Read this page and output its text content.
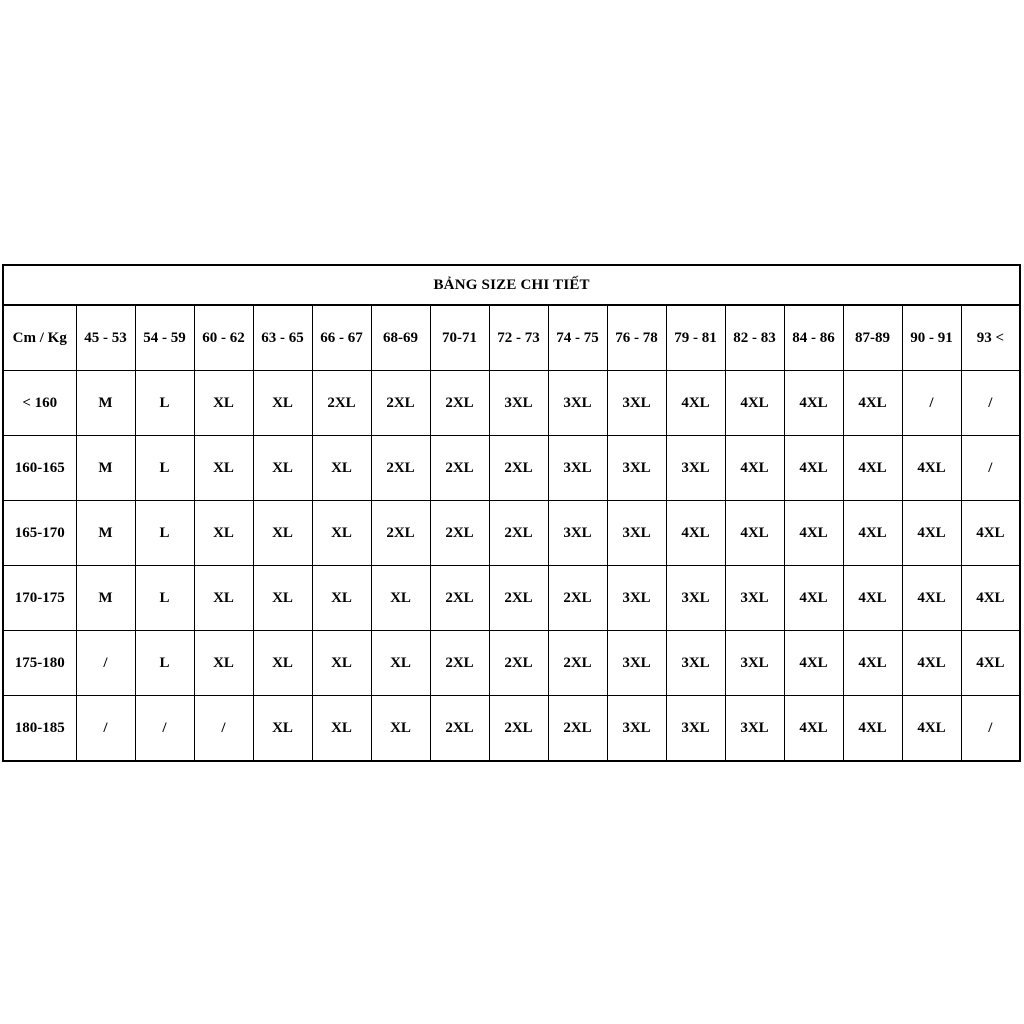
BẢNG SIZE CHI TIẾT																
Cm / Kg	45 - 53	54 - 59	60 - 62	63 - 65	66 - 67	68-69	70-71	72 - 73	74 - 75	76 - 78	79 - 81	82 - 83	84 - 86	87-89	90 - 91	93 <
< 160	M	L	XL	XL	2XL	2XL	2XL	3XL	3XL	3XL	4XL	4XL	4XL	4XL	/	/
160-165	M	L	XL	XL	XL	2XL	2XL	2XL	3XL	3XL	3XL	4XL	4XL	4XL	4XL	/
165-170	M	L	XL	XL	XL	2XL	2XL	2XL	3XL	3XL	4XL	4XL	4XL	4XL	4XL	4XL
170-175	M	L	XL	XL	XL	XL	2XL	2XL	2XL	3XL	3XL	3XL	4XL	4XL	4XL	4XL
175-180	/	L	XL	XL	XL	XL	2XL	2XL	2XL	3XL	3XL	3XL	4XL	4XL	4XL	4XL
180-185	/	/	/	XL	XL	XL	2XL	2XL	2XL	3XL	3XL	3XL	4XL	4XL	4XL	/
